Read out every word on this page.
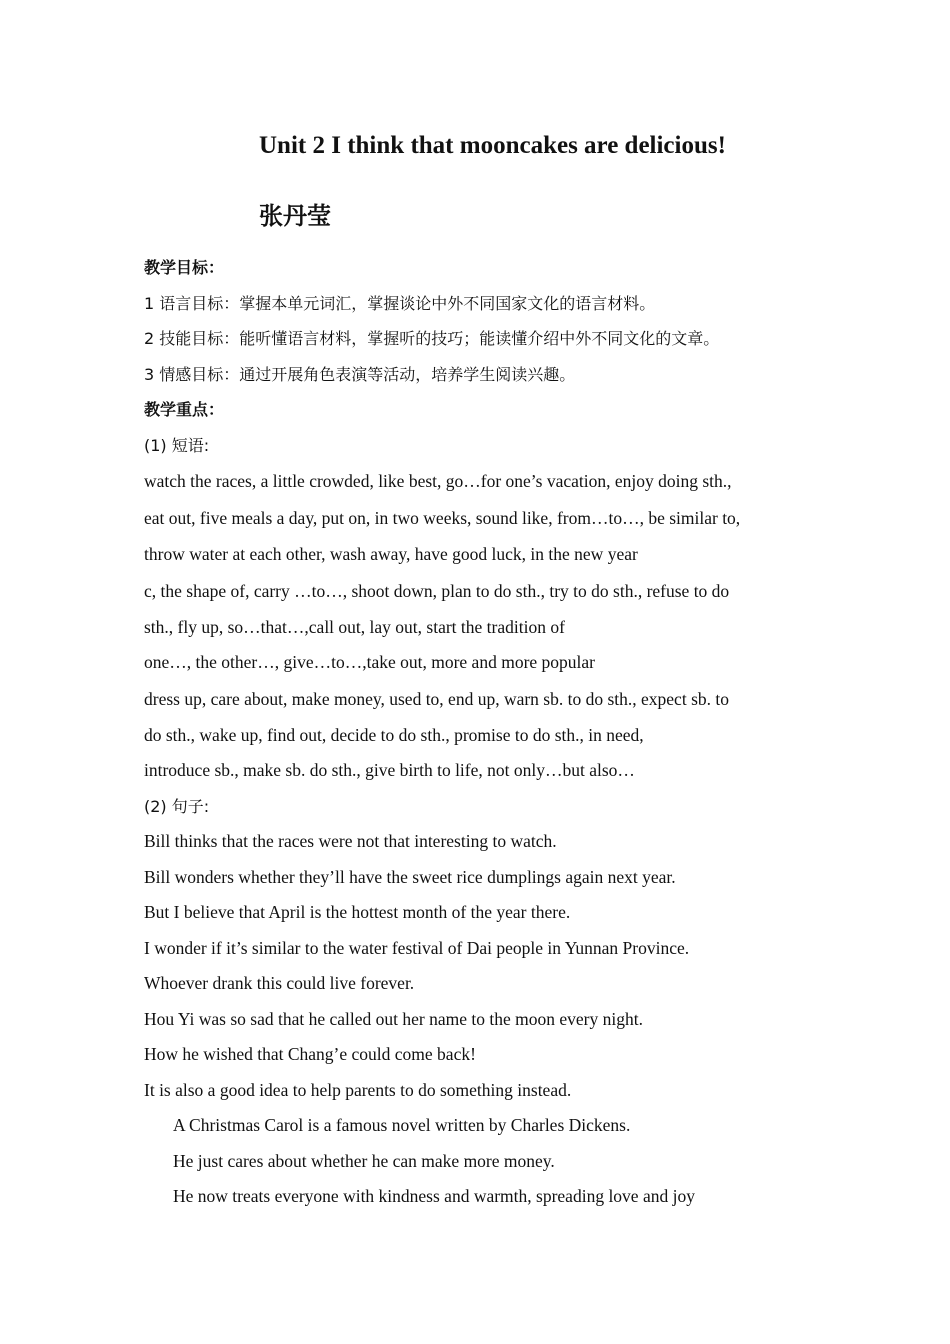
Unit 2 I think that mooncakes are delicious!
张丹莹
教学目标：
1 语言目标：掌握本单元词汇，掌握谈论中外不同国家文化的语言材料。
2 技能目标：能听懂语言材料，掌握听的技巧；能读懂介绍中外不同文化的文章。
3 情感目标：通过开展角色表演等活动，培养学生阅读兴趣。
教学重点：
(1) 短语:
watch the races, a little crowded, like best, go…for one’s vacation, enjoy doing sth.,
eat out, five meals a day, put on, in two weeks, sound like, from…to…, be similar to,
throw water at each other, wash away, have good luck, in the new year
c, the shape of, carry …to…, shoot down, plan to do sth., try to do sth., refuse to do
sth., fly up, so…that…,call out, lay out, start the tradition of
one…, the other…, give…to…,take out, more and more popular
dress up, care about, make money, used to, end up, warn sb. to do sth., expect sb. to
do sth., wake up, find out, decide to do sth., promise to do sth., in need,
introduce sb., make sb. do sth., give birth to life, not only…but also…
(2) 句子:
Bill thinks that the races were not that interesting to watch.
Bill wonders whether they’ll have the sweet rice dumplings again next year.
But I believe that April is the hottest month of the year there.
I wonder if it’s similar to the water festival of Dai people in Yunnan Province.
Whoever drank this could live forever.
Hou Yi was so sad that he called out her name to the moon every night.
How he wished that Chang’e could come back!
It is also a good idea to help parents to do something instead.
A Christmas Carol is a famous novel written by Charles Dickens.
He just cares about whether he can make more money.
He now treats everyone with kindness and warmth, spreading love and joy
